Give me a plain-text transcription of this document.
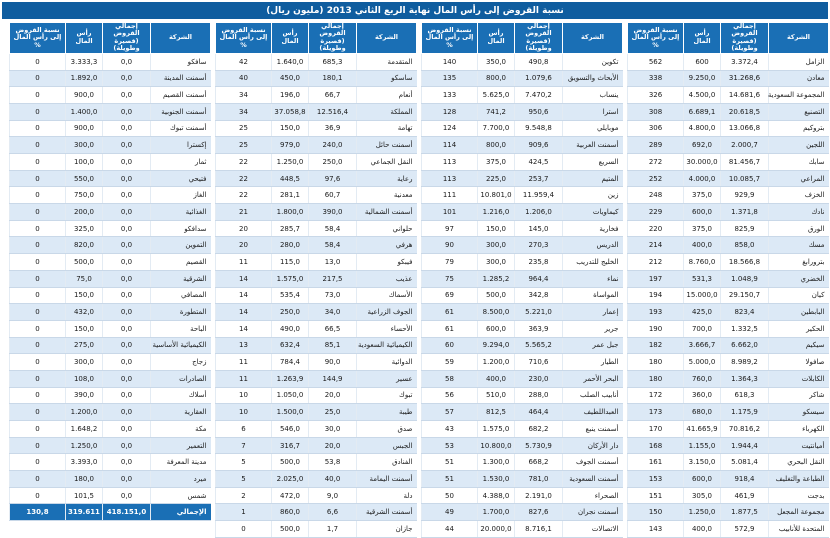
نسبة القروض إلى رأس المال نهاية الربع الثاني 2013 (مليون ريال)
الشركة	إجمالي القروض (قصيرة وطويلة)	رأس المال	نسبة القروض إلى رأس المال %
الزامل	3.372,4	600	562
معادن	31.268,6	9.250,0	338
المجموعة السعودية	14.681,6	4.500,0	326
التصنيع	20.618,5	6.689,1	308
بتروكيم	13.066,8	4.800,0	306
اللجين	2.000,7	692,0	289
سابك	81.456,7	30.000,0	272
المراعي	10.085,7	4.000,0	252
الخزف	929,9	375,0	248
نادك	1.371,8	600,0	229
الورق	825,9	375,0	220
مسك	858,0	400,0	214
بترورابغ	18.566,8	8.760,0	212
الخضري	1.048,9	531,3	197
كيان	29.150,7	15.000,0	194
البابطين	823,4	425,0	193
الحكير	1.332,5	700,0	190
سيكيم	6.662,0	3.666,7	182
صافولا	8.989,2	5.000,0	180
الكابلات	1.364,3	760,0	180
شاكر	618,3	360,0	172
سيسكو	1.175,9	680,0	173
الكهرباء	70.816,2	41.665,9	170
أميانتيت	1.944,4	1.155,0	168
النقل البحري	5.081,4	3.150,0	161
الطباعة والتغليف	918,4	600,0	153
بدجت	461,9	305,0	151
مجموعة المجعل	1.877,5	1.250,0	150
المتحدة للأنابيب	572,9	400,0	143
الشركة	إجمالي القروض (قصيرة وطويلة)	رأس المال	نسبة القروض إلى رأس المال %
تكوين	490,8	350,0	140
الأبحاث والتسويق	1.079,6	800,0	135
ينساب	7.470,2	5.625,0	133
استرا	950,6	741,2	128
موبايلي	9.548,8	7.700,0	124
أسمنت العربية	909,6	800,0	114
السريع	424,5	375,0	113
المتيم	253,7	225,0	113
زين	11.959,4	10.801,0	111
كيماويات	1.206,0	1.216,0	101
فخارية	145,0	150,0	97
الدريس	270,3	300,0	90
الخليج للتدريب	235,8	300,0	79
نماء	964,4	1.285,2	75
المواساة	342,8	500,0	69
إعمار	5.221,0	8.500,0	61
جرير	363,9	600,0	61
جبل عمر	5.565,2	9.294,0	60
الطيار	710,6	1.200,0	59
البحر الأحمر	230,0	400,0	58
أنابيب الصلب	288,0	510,0	56
العبداللطيف	464,4	812,5	57
أسمنت ينبع	682,2	1.575,0	43
دار الأركان	5.730,9	10.800,0	53
أسمنت الجوف	668,2	1.300,0	51
أسمنت السعودية	781,0	1.530,0	51
الصحراء	2.191,0	4.388,0	50
أسمنت نجران	827,6	1.700,0	49
الاتصالات	8.716,1	20.000,0	44
الشركة	إجمالي القروض (قصيرة وطويلة)	رأس المال	نسبة القروض إلى رأس المال %
المتقدمة	685,3	1.640,0	42
ساسكو	180,1	450,0	40
أنعام	66,7	196,0	34
المملكة	12.516,4	37.058,8	34
تهامة	36,9	150,0	25
أسمنت حائل	240,0	979,0	25
النقل الجماعي	250,0	1.250,0	22
رعاية	97,6	448,5	22
معدنية	60,7	281,1	22
أسمنت الشمالية	390,0	1.800,0	21
حلواني	58,4	285,7	20
هرفي	58,4	280,0	20
فيبكو	13,0	115,0	11
عذيب	217,5	1.575,0	14
الأسماك	73,0	535,4	14
الجوف الزراعية	34,0	250,0	14
الأحساء	66,5	490,0	14
الكيميائية السعودية	85,1	632,4	13
الدوائية	90,0	784,4	11
عسير	144,9	1.263,9	11
تبوك	20,0	1.050,0	10
طيبة	25,0	1.500,0	10
صدق	30,0	546,0	6
الجبس	20,0	316,7	7
الفنادق	53,8	500,0	5
أسمنت اليمامة	40,0	2.025,0	5
دلة	9,0	472,0	2
أسمنت الشرقية	6,6	860,0	1
جازان	1,7	500,0	0
الشركة	إجمالي القروض (قصيرة وطويلة)	رأس المال	نسبة القروض إلى رأس المال %
سافكو	0,0	3.333,3	0
أسمنت المدينة	0,0	1.892,0	0
أسمنت القصيم	0,0	900,0	0
أسمنت الجنوبية	0,0	1.400,0	0
أسمنت تبوك	0,0	900,0	0
إكسترا	0,0	300,0	0
ثمار	0,0	100,0	0
فتيحي	0,0	550,0	0
الغاز	0,0	750,0	0
الغذائية	0,0	200,0	0
سدافكو	0,0	325,0	0
التموين	0,0	820,0	0
القصيم	0,0	500,0	0
الشرقية	0,0	75,0	0
المصافي	0,0	150,0	0
المتطورة	0,0	432,0	0
الباحة	0,0	150,0	0
الكيميائية الأساسية	0,0	275,0	0
زجاج	0,0	300,0	0
الصادرات	0,0	108,0	0
أسلاك	0,0	390,0	0
العقارية	0,0	1.200,0	0
مكة	0,0	1.648,2	0
التعمير	0,0	1.250,0	0
مدينة المعرفة	0,0	3.393,0	0
ميرد	0,0	180,0	0
شمس	0,0	101,5	0
الإجمالي	418.151,0	319.611	130,8
